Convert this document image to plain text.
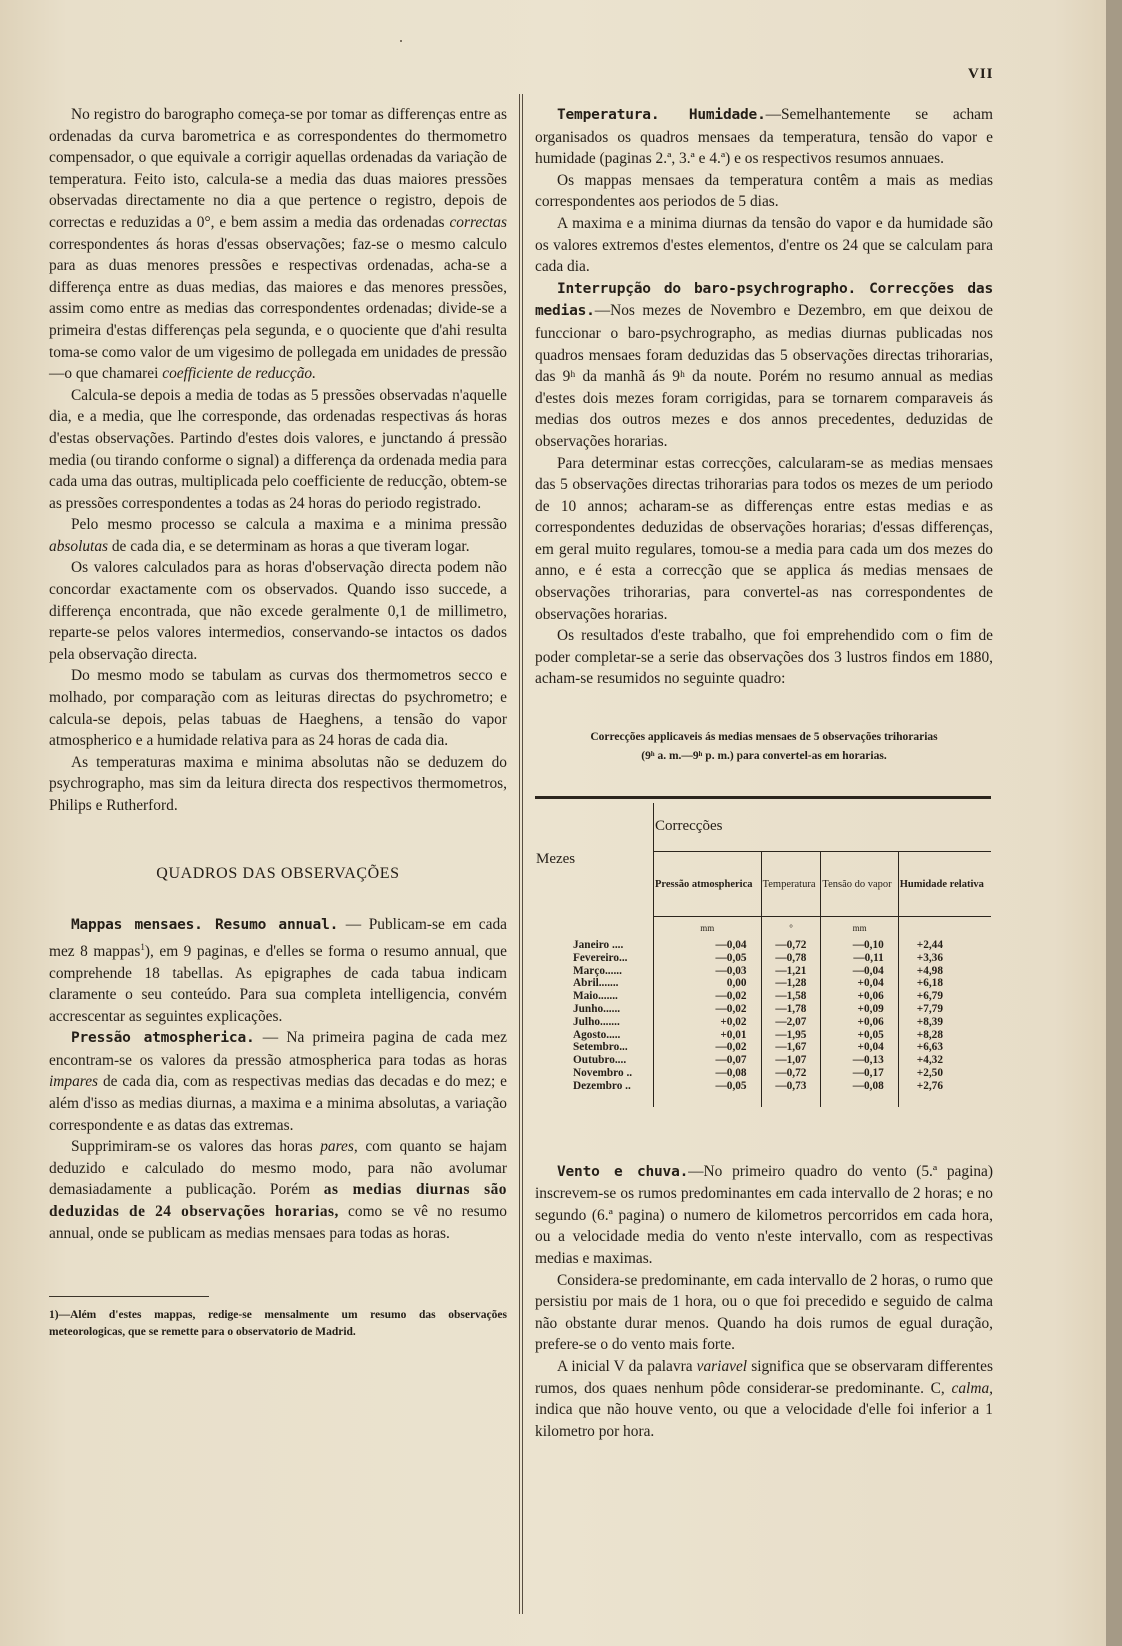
VII

No registro do barographo começa-se por tomar as differenças entre as ordenadas da curva barometrica e as correspondentes do thermometro compensador, o que equivale a corrigir aquellas ordenadas da variação de temperatura. Feito isto, calcula-se a media das duas maiores pressões observadas directamente no dia a que pertence o registro, depois de correctas e reduzidas a 0°, e bem assim a media das ordenadas correctas correspondentes ás horas d'essas observações; faz-se o mesmo calculo para as duas menores pressões e respectivas ordenadas, acha-se a differença entre as duas medias, das maiores e das menores pressões, assim como entre as medias das correspondentes ordenadas; divide-se a primeira d'estas differenças pela segunda, e o quociente que d'ahi resulta toma-se como valor de um vigesimo de pollegada em unidades de pressão—o que chamarei coefficiente de reducção.

Calcula-se depois a media de todas as 5 pressões observadas n'aquelle dia, e a media, que lhe corresponde, das ordenadas respectivas ás horas d'estas observações. Partindo d'estes dois valores, e junctando á pressão media (ou tirando conforme o signal) a differença da ordenada media para cada uma das outras, multiplicada pelo coefficiente de reducção, obtem-se as pressões correspondentes a todas as 24 horas do periodo registrado.

Pelo mesmo processo se calcula a maxima e a minima pressão absolutas de cada dia, e se determinam as horas a que tiveram logar.

Os valores calculados para as horas d'observação directa podem não concordar exactamente com os observados. Quando isso succede, a differença encontrada, que não excede geralmente 0,1 de millimetro, reparte-se pelos valores intermedios, conservando-se intactos os dados pela observação directa.

Do mesmo modo se tabulam as curvas dos thermometros secco e molhado, por comparação com as leituras directas do psychrometro; e calcula-se depois, pelas tabuas de Haeghens, a tensão do vapor atmospherico e a humidade relativa para as 24 horas de cada dia.

As temperaturas maxima e minima absolutas não se deduzem do psychrographo, mas sim da leitura directa dos respectivos thermometros, Philips e Rutherford.

QUADROS DAS OBSERVAÇÕES

Mappas mensaes. Resumo annual. — Publicam-se em cada mez 8 mappas$^1$), em 9 paginas, e d'elles se forma o resumo annual, que comprehende 18 tabellas. As epigraphes de cada tabua indicam claramente o seu conteúdo. Para sua completa intelligencia, convém accrescentar as seguintes explicações.

Pressão atmospherica. — Na primeira pagina de cada mez encontram-se os valores da pressão atmospherica para todas as horas impares de cada dia, com as respectivas medias das decadas e do mez; e além d'isso as medias diurnas, a maxima e a minima absolutas, a variação correspondente e as datas das extremas.

Supprimiram-se os valores das horas pares, com quanto se hajam deduzido e calculado do mesmo modo, para não avolumar demasiadamente a publicação. Porém as medias diurnas são deduzidas de 24 observações horarias, como se vê no resumo annual, onde se publicam as medias mensaes para todas as horas.

1)—Além d'estes mappas, redige-se mensalmente um resumo das observações meteorologicas, que se remette para o observatorio de Madrid.

Temperatura. Humidade.—Semelhantemente se acham organisados os quadros mensaes da temperatura, tensão do vapor e humidade (paginas 2.ª, 3.ª e 4.ª) e os respectivos resumos annuaes.

Os mappas mensaes da temperatura contêm a mais as medias correspondentes aos periodos de 5 dias.

A maxima e a minima diurnas da tensão do vapor e da humidade são os valores extremos d'estes elementos, d'entre os 24 que se calculam para cada dia.

Interrupção do baro-psychrographo. Correcções das medias.—Nos mezes de Novembro e Dezembro, em que deixou de funccionar o baro-psychrographo, as medias diurnas publicadas nos quadros mensaes foram deduzidas das 5 observações directas trihorarias, das 9ʰ da manhã ás 9ʰ da noute. Porém no resumo annual as medias d'estes dois mezes foram corrigidas, para se tornarem comparaveis ás medias dos outros mezes e dos annos precedentes, deduzidas de observações horarias.

Para determinar estas correcções, calcularam-se as medias mensaes das 5 observações directas trihorarias para todos os mezes de um periodo de 10 annos; acharam-se as differenças entre estas medias e as correspondentes deduzidas de observações horarias; d'essas differenças, em geral muito regulares, tomou-se a media para cada um dos mezes do anno, e é esta a correcção que se applica ás medias mensaes de observações trihorarias, para convertel-as nas correspondentes de observações horarias.

Os resultados d'este trabalho, que foi emprehendido com o fim de poder completar-se a serie das observações dos 3 lustros findos em 1880, acham-se resumidos no seguinte quadro:

Correcções applicaveis ás medias mensaes de 5 observações trihorarias
(9ʰ a. m.—9ʰ p. m.) para convertel-as em horarias.

Mezes	Correcções			
	Pressão atmospherica	Temperatura	Tensão do vapor	Humidade relativa
	mm	°	mm	
Janeiro ....	—0,04	—0,72	—0,10	+2,44
Fevereiro...	—0,05	—0,78	—0,11	+3,36
Março......	—0,03	—1,21	—0,04	+4,98
Abril.......	0,00	—1,28	+0,04	+6,18
Maio.......	—0,02	—1,58	+0,06	+6,79
Junho......	—0,02	—1,78	+0,09	+7,79
Julho.......	+0,02	—2,07	+0,06	+8,39
Agosto.....	+0,01	—1,95	+0,05	+8,28
Setembro...	—0,02	—1,67	+0,04	+6,63
Outubro....	—0,07	—1,07	—0,13	+4,32
Novembro ..	—0,08	—0,72	—0,17	+2,50
Dezembro ..	—0,05	—0,73	—0,08	+2,76

Vento e chuva.—No primeiro quadro do vento (5.ª pagina) inscrevem-se os rumos predominantes em cada intervallo de 2 horas; e no segundo (6.ª pagina) o numero de kilometros percorridos em cada hora, ou a velocidade media do vento n'este intervallo, com as respectivas medias e maximas.

Considera-se predominante, em cada intervallo de 2 horas, o rumo que persistiu por mais de 1 hora, ou o que foi precedido e seguido de calma não obstante durar menos. Quando ha dois rumos de egual duração, prefere-se o do vento mais forte.

A inicial V da palavra variavel significa que se observaram differentes rumos, dos quaes nenhum pôde considerar-se predominante. C, calma, indica que não houve vento, ou que a velocidade d'elle foi inferior a 1 kilometro por hora.
